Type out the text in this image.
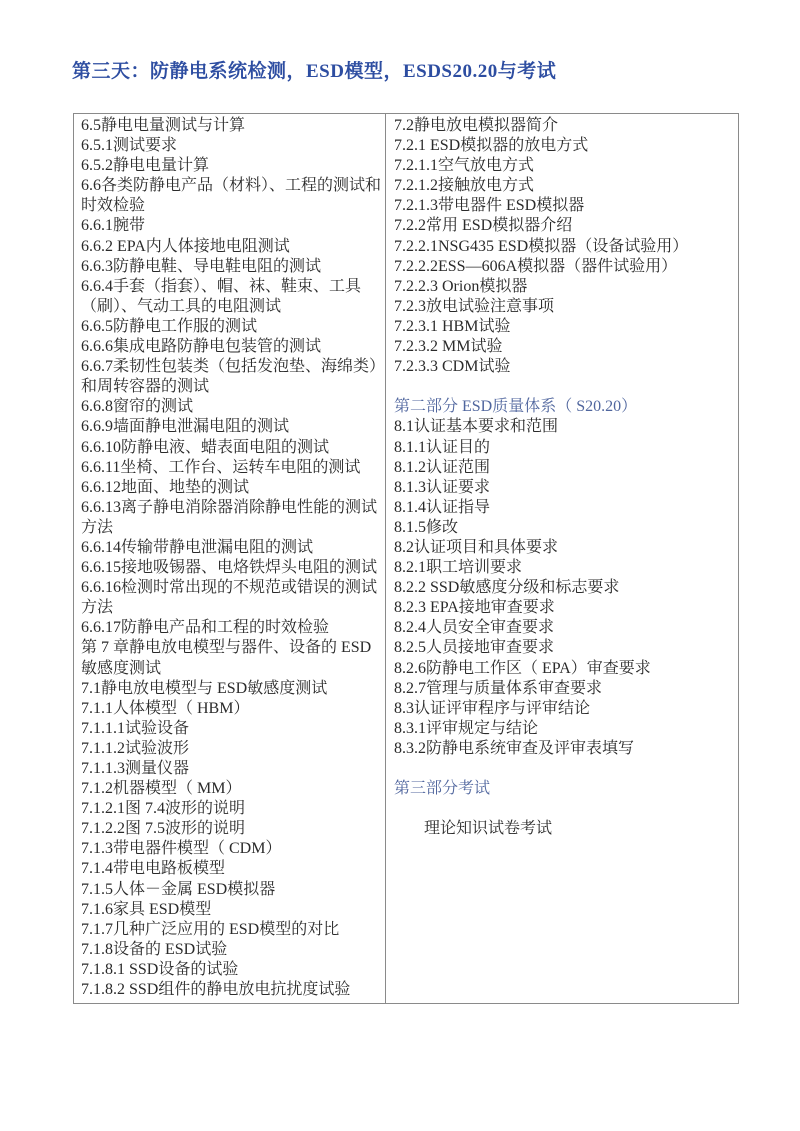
第三天：防静电系统检测，ESD模型，ESDS20.20与考试
6.5静电电量测试与计算
6.5.1测试要求
6.5.2静电电量计算
6.6各类防静电产品（材料）、工程的测试和时效检验
6.6.1腕带
6.6.2 EPA内人体接地电阻测试
6.6.3防静电鞋、导电鞋电阻的测试
6.6.4手套（指套）、帽、袜、鞋束、工具（刷）、气动工具的电阻测试
6.6.5防静电工作服的测试
6.6.6集成电路防静电包装管的测试
6.6.7柔韧性包装类（包括发泡垫、海绵类）和周转容器的测试
6.6.8窗帘的测试
6.6.9墙面静电泄漏电阻的测试
6.6.10防静电液、蜡表面电阻的测试
6.6.11坐椅、工作台、运转车电阻的测试
6.6.12地面、地垫的测试
6.6.13离子静电消除器消除静电性能的测试方法
6.6.14传输带静电泄漏电阻的测试
6.6.15接地吸锡器、电烙铁焊头电阻的测试
6.6.16检测时常出现的不规范或错误的测试方法
6.6.17防静电产品和工程的时效检验
第 7 章静电放电模型与器件、设备的 ESD敏感度测试
7.1静电放电模型与 ESD敏感度测试
7.1.1人体模型（ HBM）
7.1.1.1试验设备
7.1.1.2试验波形
7.1.1.3测量仪器
7.1.2机器模型（ MM）
7.1.2.1图 7.4波形的说明
7.1.2.2图 7.5波形的说明
7.1.3带电器件模型（ CDM）
7.1.4带电电路板模型
7.1.5人体－金属 ESD模拟器
7.1.6家具 ESD模型
7.1.7几种广泛应用的 ESD模型的对比
7.1.8设备的 ESD试验
7.1.8.1 SSD设备的试验
7.1.8.2 SSD组件的静电放电抗扰度试验
7.2静电放电模拟器简介
7.2.1 ESD模拟器的放电方式
7.2.1.1空气放电方式
7.2.1.2接触放电方式
7.2.1.3带电器件 ESD模拟器
7.2.2常用 ESD模拟器介绍
7.2.2.1NSG435 ESD模拟器（设备试验用）
7.2.2.2ESS—606A模拟器（器件试验用）
7.2.2.3 Orion模拟器
7.2.3放电试验注意事项
7.2.3.1 HBM试验
7.2.3.2 MM试验
7.2.3.3 CDM试验

第二部分 ESD质量体系（ S20.20）
8.1认证基本要求和范围
8.1.1认证目的
8.1.2认证范围
8.1.3认证要求
8.1.4认证指导
8.1.5修改
8.2认证项目和具体要求
8.2.1职工培训要求
8.2.2 SSD敏感度分级和标志要求
8.2.3 EPA接地审查要求
8.2.4人员安全审查要求
8.2.5人员接地审查要求
8.2.6防静电工作区（ EPA）审查要求
8.2.7管理与质量体系审查要求
8.3认证评审程序与评审结论
8.3.1评审规定与结论
8.3.2防静电系统审查及评审表填写

第三部分考试

理论知识试卷考试
